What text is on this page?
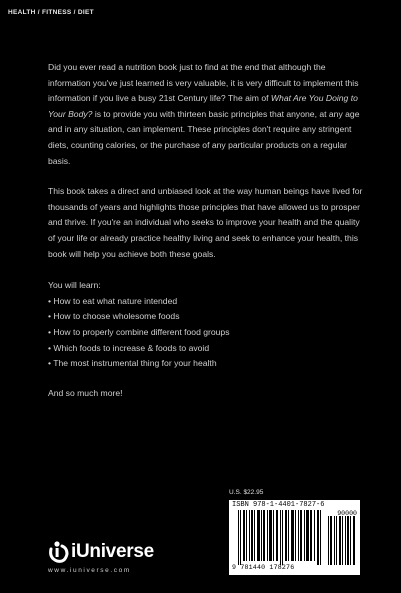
HEALTH / FITNESS / DIET

Did you ever read a nutrition book just to find at the end that although the information you've just learned is very valuable, it is very difficult to implement this information if you live a busy 21st Century life? The aim of What Are You Doing to Your Body? is to provide you with thirteen basic principles that anyone, at any age and in any situation, can implement. These principles don't require any stringent diets, counting calories, or the purchase of any particular products on a regular basis.

This book takes a direct and unbiased look at the way human beings have lived for thousands of years and highlights those principles that have allowed us to prosper and thrive. If you're an individual who seeks to improve your health and the quality of your life or already practice healthy living and seek to enhance your health, this book will help you achieve both these goals.

You will learn:

• How to eat what nature intended
• How to choose wholesome foods
• How to properly combine different food groups
• Which foods to increase & foods to avoid
• The most instrumental thing for your health

And so much more!

U.S. $22.95
ISBN 978-1-4401-7827-6
90000
9 781440 178276
iUniverse
www.iuniverse.com
